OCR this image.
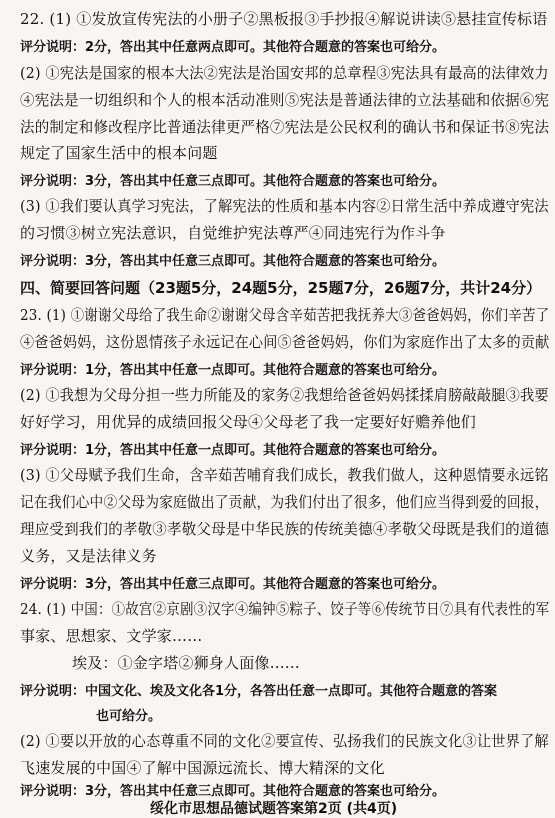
22. (1) ①发放宣传宪法的小册子②黑板报③手抄报④解说讲读⑤悬挂宣传标语
评分说明：2分，答出其中任意两点即可。其他符合题意的答案也可给分。
(2) ①宪法是国家的根本大法②宪法是治国安邦的总章程③宪法具有最高的法律效力
④宪法是一切组织和个人的根本活动准则⑤宪法是普通法律的立法基础和依据⑥宪
法的制定和修改程序比普通法律更严格⑦宪法是公民权利的确认书和保证书⑧宪法
规定了国家生活中的根本问题
评分说明：3分，答出其中任意三点即可。其他符合题意的答案也可给分。
(3) ①我们要认真学习宪法，了解宪法的性质和基本内容②日常生活中养成遵守宪法
的习惯③树立宪法意识，自觉维护宪法尊严④同违宪行为作斗争
评分说明：3分，答出其中任意三点即可。其他符合题意的答案也可给分。
四、简要回答问题（23题5分，24题5分，25题7分，26题7分，共计24分）
23. (1) ①谢谢父母给了我生命②谢谢父母含辛茹苦把我抚养大③爸爸妈妈，你们辛苦了
④爸爸妈妈，这份恩情孩子永远记在心间⑤爸爸妈妈，你们为家庭作出了太多的贡献
评分说明：1分，答出其中任意一点即可。其他符合题意的答案也可给分。
(2) ①我想为父母分担一些力所能及的家务②我想给爸爸妈妈揉揉肩膀敲敲腿③我要
好好学习，用优异的成绩回报父母④父母老了我一定要好好赡养他们
评分说明：1分，答出其中任意一点即可。其他符合题意的答案也可给分。
(3) ①父母赋予我们生命，含辛茹苦哺育我们成长，教我们做人，这种恩情要永远铭
记在我们心中②父母为家庭做出了贡献，为我们付出了很多，他们应当得到爱的回报，
理应受到我们的孝敬③孝敬父母是中华民族的传统美德④孝敬父母既是我们的道德
义务，又是法律义务
评分说明：3分，答出其中任意三点即可。其他符合题意的答案也可给分。
24. (1) 中国：①故宫②京剧③汉字④编钟⑤粽子、饺子等⑥传统节日⑦具有代表性的军
事家、思想家、文学家……
埃及：①金字塔②狮身人面像……
评分说明：中国文化、埃及文化各1分，各答出任意一点即可。其他符合题意的答案
也可给分。
(2) ①要以开放的心态尊重不同的文化②要宣传、弘扬我们的民族文化③让世界了解
飞速发展的中国④了解中国源远流长、博大精深的文化
评分说明：3分，答出其中任意三点即可。其他符合题意的答案也可给分。
绥化市思想品德试题答案第2页 (共4页)
